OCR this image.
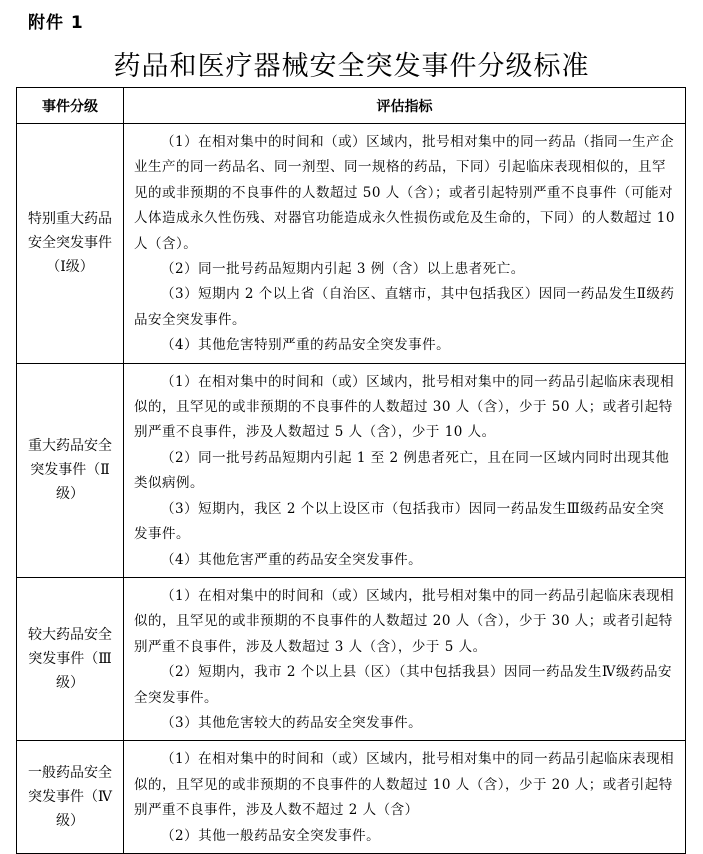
附件 1
药品和医疗器械安全突发事件分级标准
事件分级	评估指标
特别重大药品安全突发事件（Ⅰ级）	（1）在相对集中的时间和（或）区域内，批号相对集中的同一药品（指同一生产企业生产的同一药品名、同一剂型、同一规格的药品，下同）引起临床表现相似的，且罕见的或非预期的不良事件的人数超过 50 人（含）；或者引起特别严重不良事件（可能对人体造成永久性伤残、对器官功能造成永久性损伤或危及生命的，下同）的人数超过 10 人（含）。

（2）同一批号药品短期内引起 3 例（含）以上患者死亡。

（3）短期内 2 个以上省（自治区、直辖市，其中包括我区）因同一药品发生Ⅱ级药品安全突发事件。

（4）其他危害特别严重的药品安全突发事件。

重大药品安全突发事件（Ⅱ级）	（1）在相对集中的时间和（或）区域内，批号相对集中的同一药品引起临床表现相似的，且罕见的或非预期的不良事件的人数超过 30 人（含），少于 50 人；或者引起特别严重不良事件，涉及人数超过 5 人（含），少于 10 人。

（2）同一批号药品短期内引起 1 至 2 例患者死亡，且在同一区域内同时出现其他类似病例。

（3）短期内，我区 2 个以上设区市（包括我市）因同一药品发生Ⅲ级药品安全突发事件。

（4）其他危害严重的药品安全突发事件。

较大药品安全突发事件（Ⅲ级）	（1）在相对集中的时间和（或）区域内，批号相对集中的同一药品引起临床表现相似的，且罕见的或非预期的不良事件的人数超过 20 人（含），少于 30 人；或者引起特别严重不良事件，涉及人数超过 3 人（含），少于 5 人。

（2）短期内，我市 2 个以上县（区）（其中包括我县）因同一药品发生Ⅳ级药品安全突发事件。

（3）其他危害较大的药品安全突发事件。

一般药品安全突发事件（Ⅳ级）	（1）在相对集中的时间和（或）区域内，批号相对集中的同一药品引起临床表现相似的，且罕见的或非预期的不良事件的人数超过 10 人（含），少于 20 人；或者引起特别严重不良事件，涉及人数不超过 2 人（含）

（2）其他一般药品安全突发事件。
